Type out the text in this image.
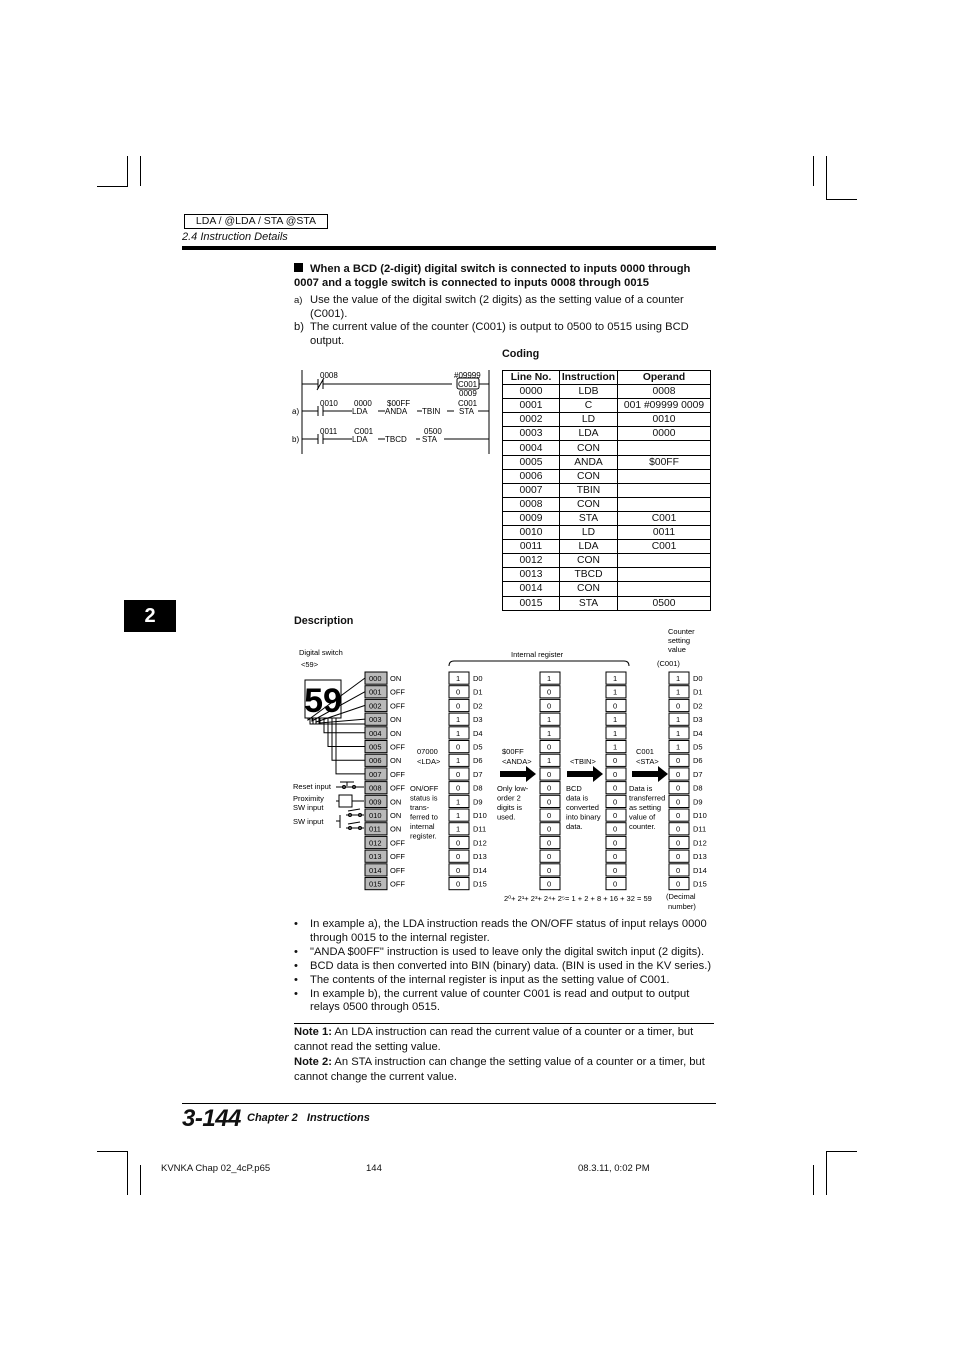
LDA / @LDA / STA @STA
2.4 Instruction Details
2
When a BCD (2-digit) digital switch is connected to inputs 0000 through 0007 and a toggle switch is connected to inputs 0008 through 0015
a) Use the value of the digital switch (2 digits) as the setting value of a counter (C001).
b) The current value of the counter (C001) is output to 0500 to 0515 using BCD output.
Coding
0008	#09999
C001
0009
0010 0000 $00FF	C001
LDA ANDA TBIN STA
a)
0011 C001	0500
LDA TBCD STA
b)
Line No.	Instruction	Operand
0000	LDB	0008
0001	C	001 #09999 0009
0002	LD	0010
0003	LDA	0000
0004	CON	
0005	ANDA	$00FF
0006	CON	
0007	TBIN	
0008	CON	
0009	STA	C001
0010	LD	0011
0011	LDA	C001
0012	CON	
0013	TBCD	
0014	CON	
0015	STA	0500
Description
Digital switch
<59>
Internal register
Counter
setting
value
(C001)
59
000 ON
001 OFF
002 OFF
003 ON
004 ON
005 OFF
006 ON
007 OFF
008 OFF
009 ON
010 ON
011 ON
012 OFF
013 OFF
014 OFF
015 OFF
1 D0
0 D1
0 D2
1 D3
1 D4
0 D5
1 D6
0 D7
0 D8
1 D9
1 D10
1 D11
0 D12
0 D13
0 D14
0 D15
1
0
0
1
1
0
1
0
0
0
0
0
0
0
0
0
1
1
0
1
1
1
0
0
0
0
0
0
0
0
0
0
1 D0
1 D1
0 D2
1 D3
1 D4
1 D5
0 D6
0 D7
0 D8
0 D9
0 D10
0 D11
0 D12
0 D13
0 D14
0 D15
Reset input
Proximity
SW input
SW input
07000
<LDA>
ON/OFF
status is
trans-
ferred to
internal
register.
$00FF
<ANDA>
Only low-
order 2
digits is
used.
<TBIN>
BCD
data is
converted
into binary
data.
C001
<STA>
Data is
transferred
as setting
value of
counter.
2⁰+ 2¹+ 2³+ 2⁴+ 2⁵= 1 + 2 + 8 + 16 + 32 = 59 (Decimal
number)
• In example a), the LDA instruction reads the ON/OFF status of input relays 0000 through 0015 to the internal register.
• "ANDA $00FF" instruction is used to leave only the digital switch input (2 digits).
• BCD data is then converted into BIN (binary) data. (BIN is used in the KV series.)
• The contents of the internal register is input as the setting value of C001.
• In example b), the current value of counter C001 is read and output to output relays 0500 through 0515.
Note 1: An LDA instruction can read the current value of a counter or a timer, but cannot read the setting value.
Note 2: An STA instruction can change the setting value of a counter or a timer, but cannot change the current value.
3-144 Chapter 2   Instructions
KVNKA Chap 02_4cP.p65	144	08.3.11, 0:02 PM
